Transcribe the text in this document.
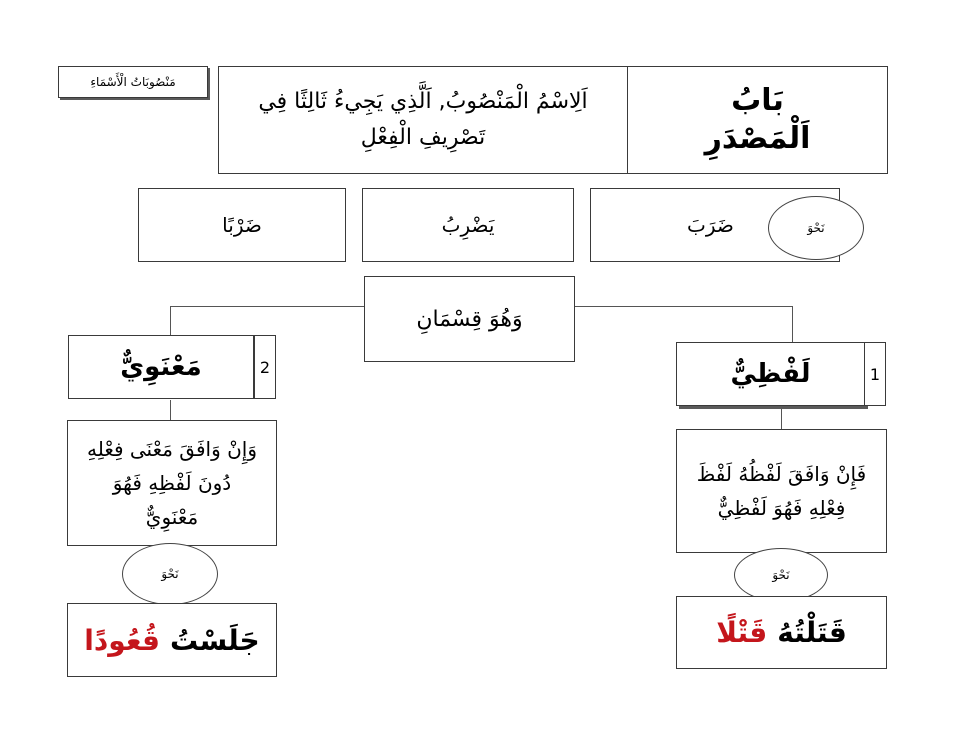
مَنْصُوبَاتُ الْأَسْمَاءِ
اَلِاسْمُ الْمَنْصُوبُ, اَلَّذِي يَجِيءُ ثَالِثًا فِي تَصْرِيفِ الْفِعْلِ
بَابُ
اَلْمَصْدَرِ
ضَرَبَ	نَحْوَ
يَضْرِبُ
ضَرْبًا
وَهُوَ قِسْمَانِ
مَعْنَوِيٌّ	2
وَإِنْ وَافَقَ مَعْنَى فِعْلِهِ دُونَ لَفْظِهِ فَهُوَ مَعْنَوِيٌّ
نَحْوَ
جَلَسْتُ
قُعُودًا
لَفْظِيٌّ	1
فَإِنْ وَافَقَ لَفْظُهُ لَفْظَ فِعْلِهِ فَهُوَ لَفْظِيٌّ
نَحْوَ
قَتَلْتُهُ
قَتْلًا
